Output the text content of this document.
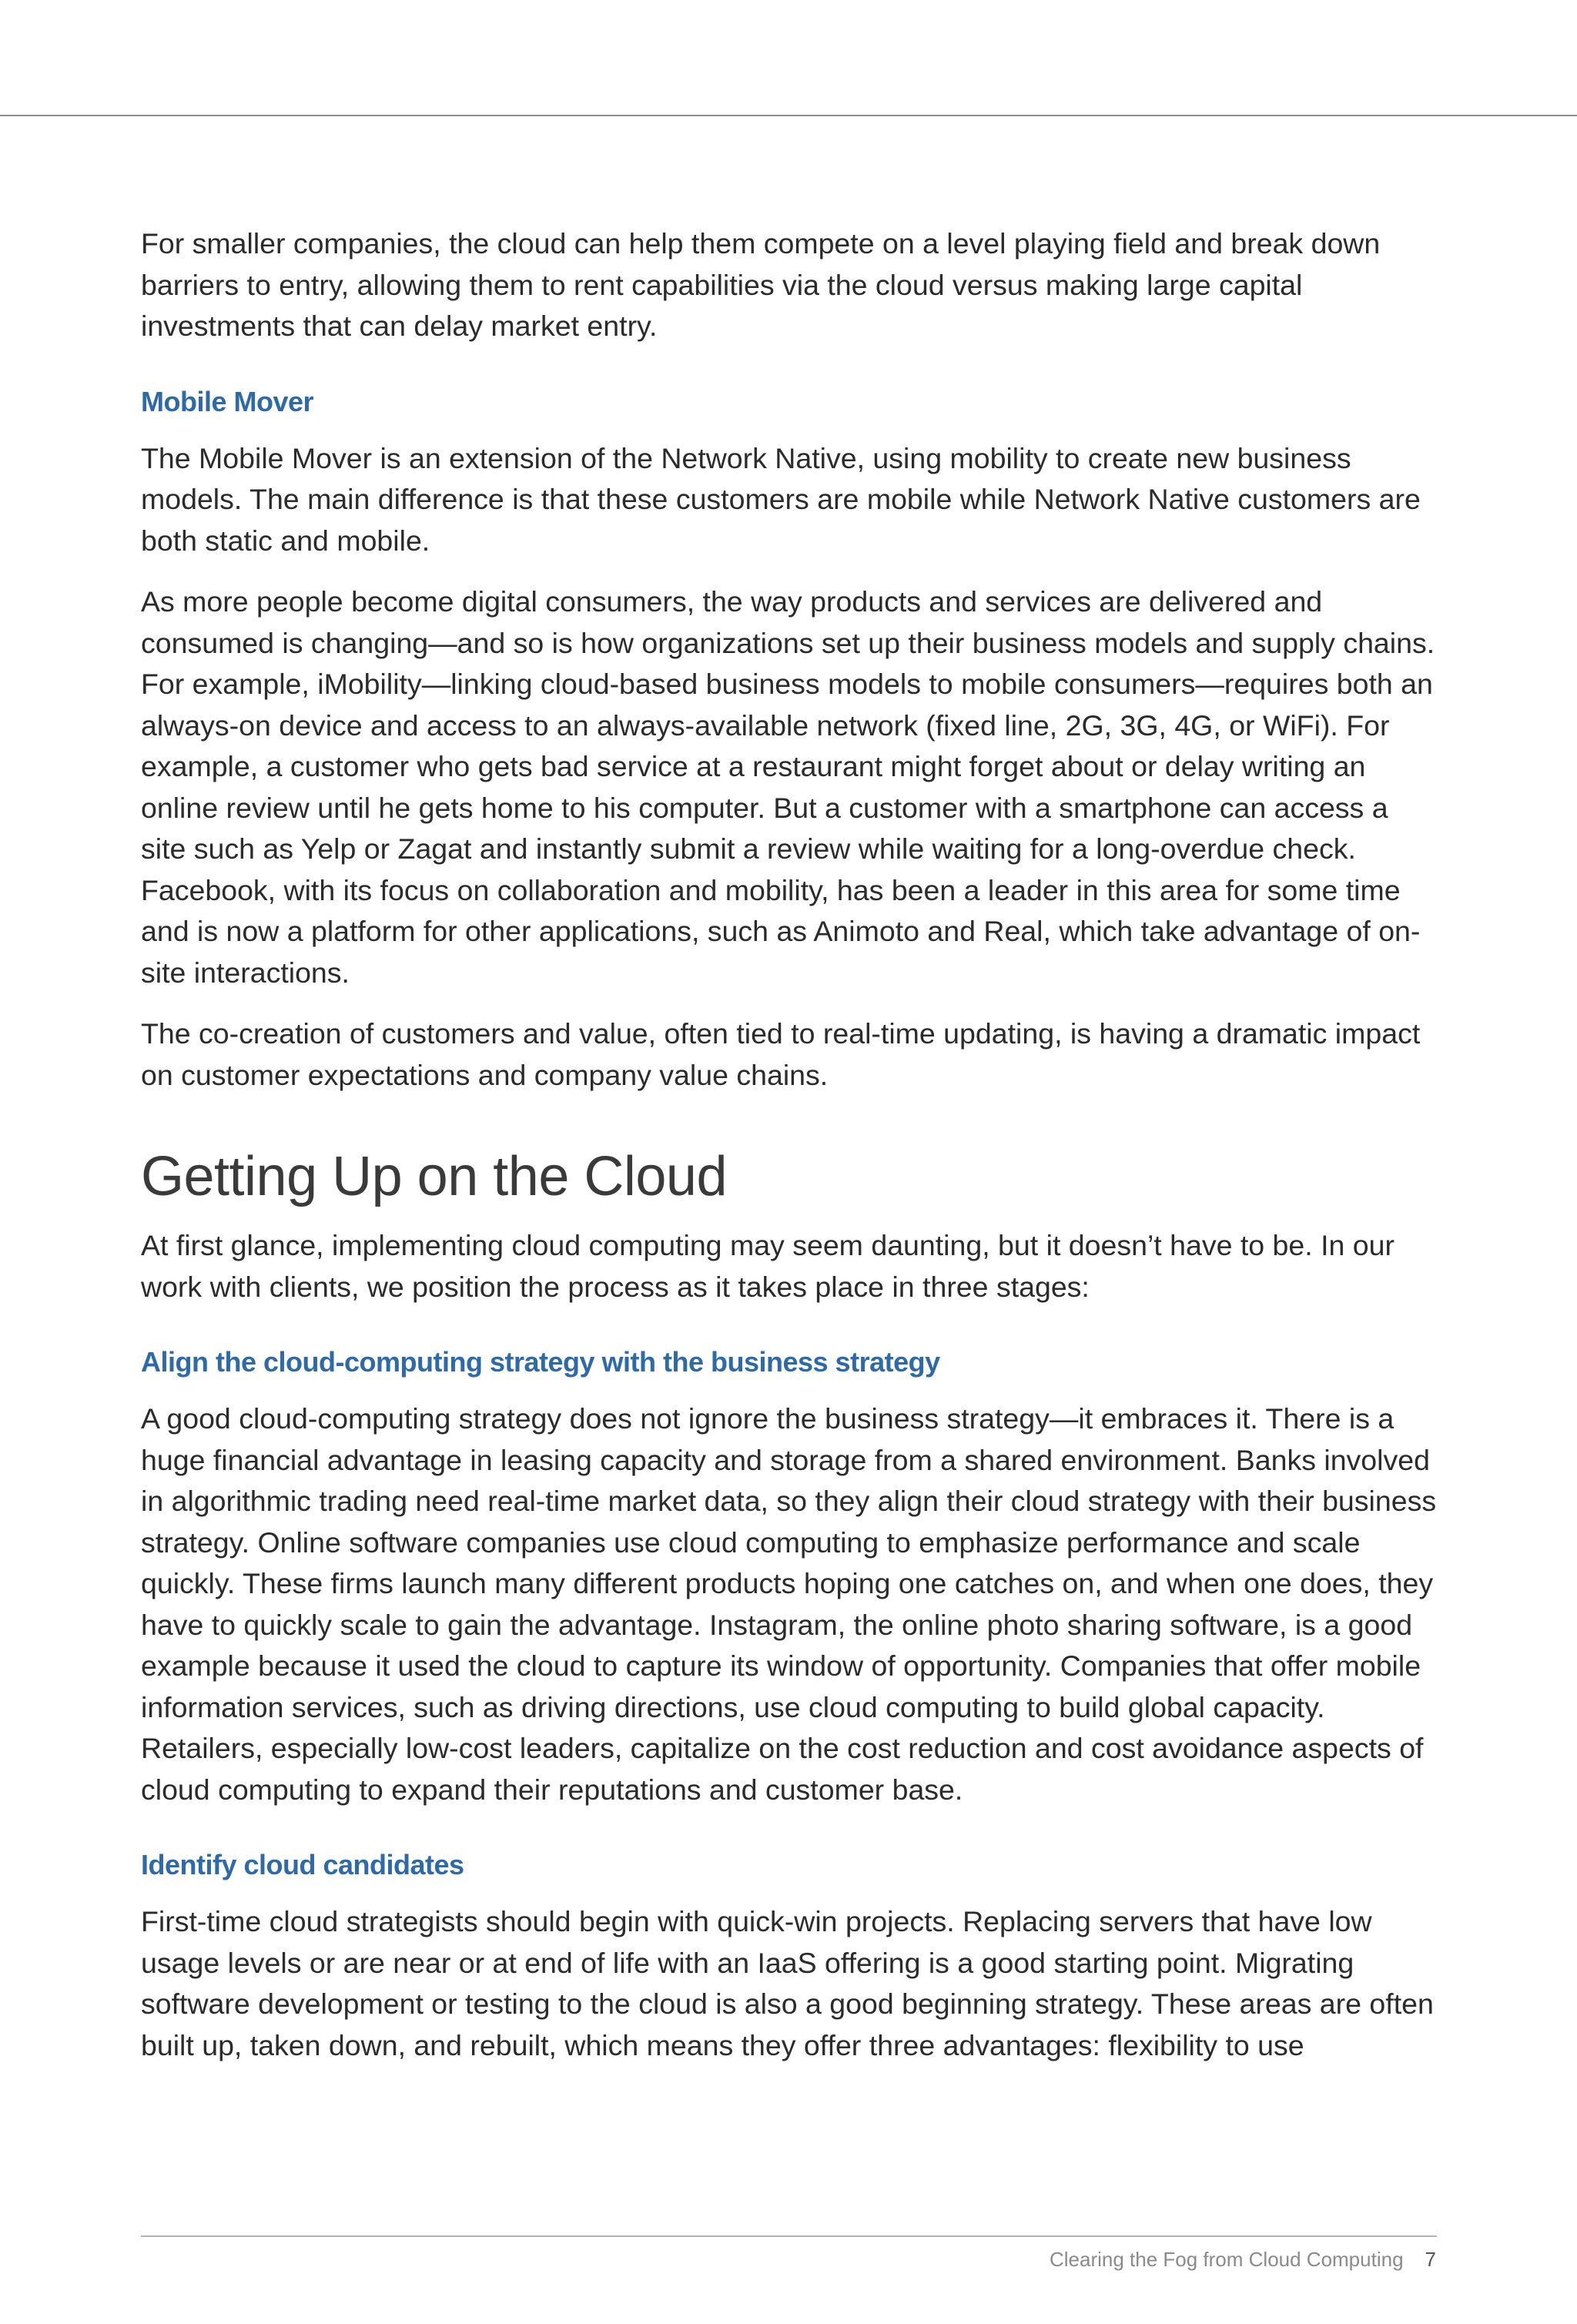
For smaller companies, the cloud can help them compete on a level playing field and break down barriers to entry, allowing them to rent capabilities via the cloud versus making large capital investments that can delay market entry.

Mobile Mover

The Mobile Mover is an extension of the Network Native, using mobility to create new business models. The main difference is that these customers are mobile while Network Native customers are both static and mobile.

As more people become digital consumers, the way products and services are delivered and consumed is changing—and so is how organizations set up their business models and supply chains. For example, iMobility—linking cloud-based business models to mobile consumers—requires both an always-on device and access to an always-available network (fixed line, 2G, 3G, 4G, or WiFi). For example, a customer who gets bad service at a restaurant might forget about or delay writing an online review until he gets home to his computer. But a customer with a smartphone can access a site such as Yelp or Zagat and instantly submit a review while waiting for a long-overdue check. Facebook, with its focus on collaboration and mobility, has been a leader in this area for some time and is now a platform for other applications, such as Animoto and Real, which take advantage of on-site interactions.

The co-creation of customers and value, often tied to real-time updating, is having a dramatic impact on customer expectations and company value chains.

Getting Up on the Cloud

At first glance, implementing cloud computing may seem daunting, but it doesn’t have to be. In our work with clients, we position the process as it takes place in three stages:

Align the cloud-computing strategy with the business strategy

A good cloud-computing strategy does not ignore the business strategy—it embraces it. There is a huge financial advantage in leasing capacity and storage from a shared environment. Banks involved in algorithmic trading need real-time market data, so they align their cloud strategy with their business strategy. Online software companies use cloud computing to emphasize performance and scale quickly. These firms launch many different products hoping one catches on, and when one does, they have to quickly scale to gain the advantage. Instagram, the online photo sharing software, is a good example because it used the cloud to capture its window of opportunity. Companies that offer mobile information services, such as driving directions, use cloud computing to build global capacity. Retailers, especially low-cost leaders, capitalize on the cost reduction and cost avoidance aspects of cloud computing to expand their reputations and customer base.

Identify cloud candidates

First-time cloud strategists should begin with quick-win projects. Replacing servers that have low usage levels or are near or at end of life with an IaaS offering is a good starting point. Migrating software development or testing to the cloud is also a good beginning strategy. These areas are often built up, taken down, and rebuilt, which means they offer three advantages: flexibility to use

Clearing the Fog from Cloud Computing 7
